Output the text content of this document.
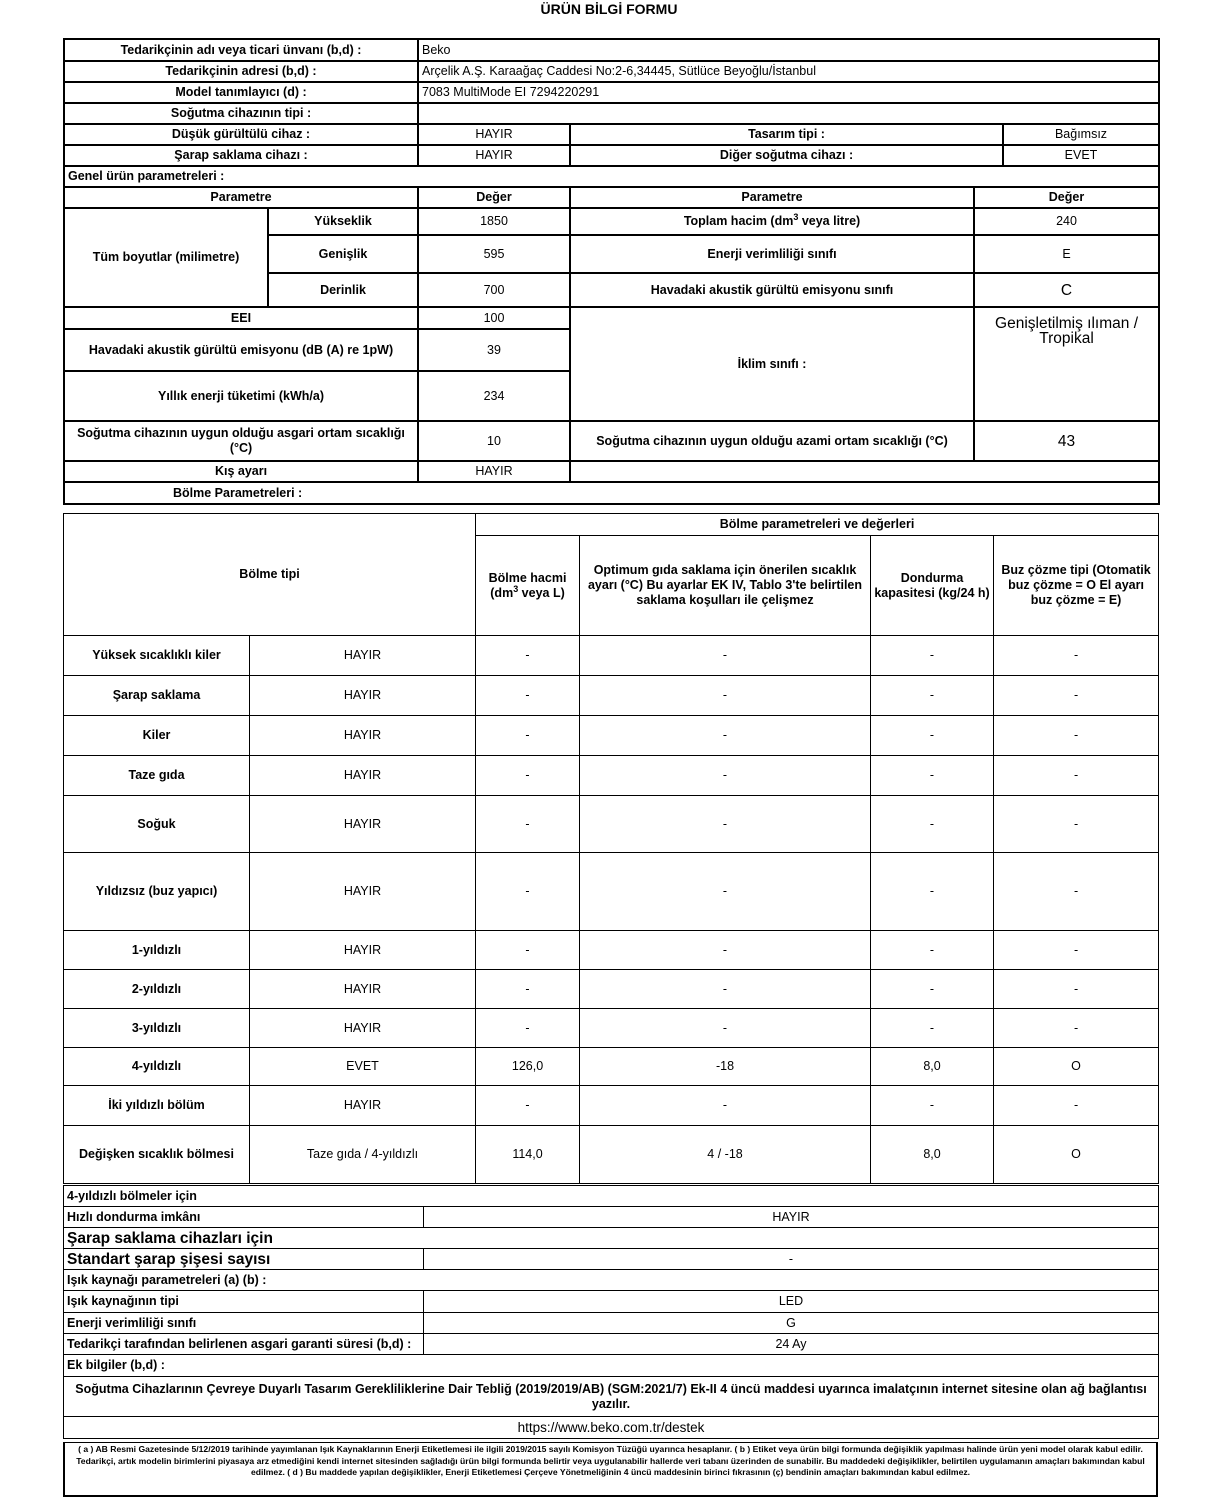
ÜRÜN BİLGİ FORMU
Tedarikçinin adı veya ticari ünvanı (b,d) :		Beko			
Tedarikçinin adresi (b,d) :		Arçelik A.Ş. Karaağaç Caddesi No:2-6,34445, Sütlüce Beyoğlu/İstanbul			
Model tanımlayıcı (d) :		7083 MultiMode EI 7294220291			
Soğutma cihazının tipi :					
Düşük gürültülü cihaz :		HAYIR	Tasarım tipi :		Bağımsız
Şarap saklama cihazı :		HAYIR	Diğer soğutma cihazı :		EVET
Genel ürün parametreleri :					
Parametre		Değer	Parametre	Değer	
Tüm boyutlar (milimetre)	Yükseklik	1850	Toplam hacim ($dm^3$ veya litre)	240	
	Genişlik	595	Enerji verimliliği sınıfı	E	
	Derinlik	700	Havadaki akustik gürültü emisyonu sınıfı	C	
EEI		100	İklim sınıfı :	Genişletilmiş ılıman / Tropikal	
Havadaki akustik gürültü emisyonu (dB (A) re 1pW)		39			
Yıllık enerji tüketimi (kWh/a)		234			
Soğutma cihazının uygun olduğu asgari ortam sıcaklığı (°C)		10	Soğutma cihazının uygun olduğu azami ortam sıcaklığı (°C)	43	
Kış ayarı		HAYIR			
Bölme Parametreleri :					
Bölme tipi		Bölme parametreleri ve değerleri			
		Bölme hacmi ($dm^3$ veya L)	Optimum gıda saklama için önerilen sıcaklık ayarı (°C) Bu ayarlar EK IV, Tablo 3'te belirtilen saklama koşulları ile çelişmez	Dondurma kapasitesi (kg/24 h)	Buz çözme tipi (Otomatik buz çözme = O El ayarı buz çözme = E)
Yüksek sıcaklıklı kiler	HAYIR	-	-	-	-
Şarap saklama	HAYIR	-	-	-	-
Kiler	HAYIR	-	-	-	-
Taze gıda	HAYIR	-	-	-	-
Soğuk	HAYIR	-	-	-	-
Yıldızsız (buz yapıcı)	HAYIR	-	-	-	-
1-yıldızlı	HAYIR	-	-	-	-
2-yıldızlı	HAYIR	-	-	-	-
3-yıldızlı	HAYIR	-	-	-	-
4-yıldızlı	EVET	126,0	-18	8,0	O
İki yıldızlı bölüm	HAYIR	-	-	-	-
Değişken sıcaklık bölmesi	Taze gıda / 4-yıldızlı	114,0	4 / -18	8,0	O
4-yıldızlı bölmeler için	
Hızlı dondurma imkânı	HAYIR
Şarap saklama cihazları için	
Standart şarap şişesi sayısı	-
Işık kaynağı parametreleri (a) (b) :	
Işık kaynağının tipi	LED
Enerji verimliliği sınıfı	G
Tedarikçi tarafından belirlenen asgari garanti süresi (b,d) :	24 Ay
Ek bilgiler (b,d) :	
Soğutma Cihazlarının Çevreye Duyarlı Tasarım Gerekliliklerine Dair Tebliğ (2019/2019/AB) (SGM:2021/7) Ek-II 4 üncü maddesi uyarınca imalatçının internet sitesine olan ağ bağlantısı yazılır.	
https://www.beko.com.tr/destek	
( a ) AB Resmi Gazetesinde 5/12/2019 tarihinde yayımlanan Işık Kaynaklarının Enerji Etiketlemesi ile ilgili 2019/2015 sayılı Komisyon Tüzüğü uyarınca hesaplanır. ( b ) Etiket veya ürün bilgi formunda değişiklik yapılması halinde ürün yeni model olarak kabul edilir. Tedarikçi, artık modelin birimlerini piyasaya arz etmediğini kendi internet sitesinden sağladığı ürün bilgi formunda belirtir veya uygulanabilir hallerde veri tabanı üzerinden de sunabilir. Bu maddedeki değişiklikler, belirtilen uygulamanın amaçları bakımından kabul edilmez. ( d ) Bu maddede yapılan değişiklikler, Enerji Etiketlemesi Çerçeve Yönetmeliğinin 4 üncü maddesinin birinci fıkrasının (ç) bendinin amaçları bakımından kabul edilmez.
